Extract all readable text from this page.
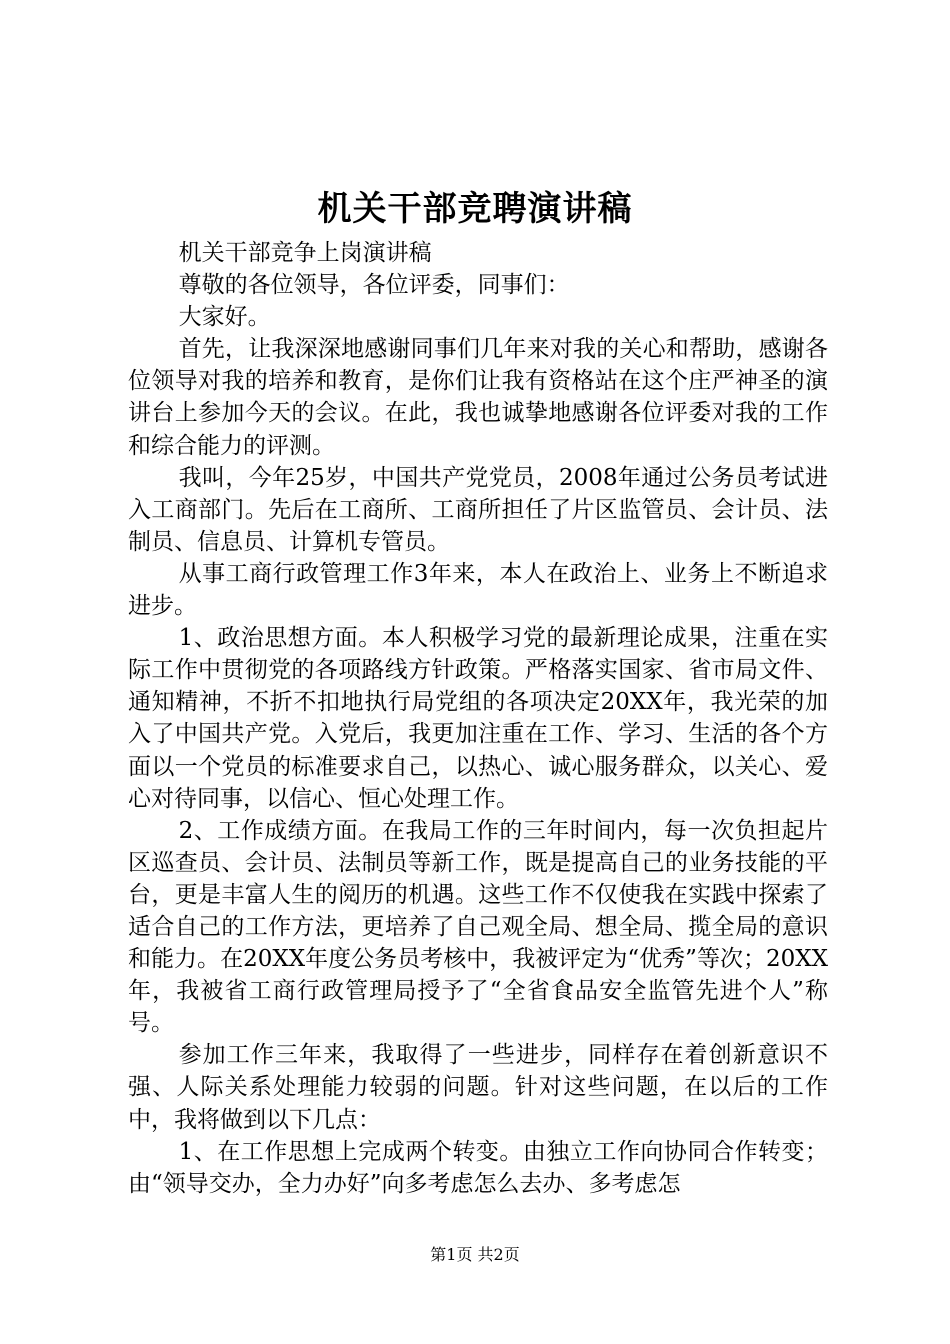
机关干部竞聘演讲稿

机关干部竞争上岗演讲稿

尊敬的各位领导，各位评委，同事们：

大家好。

首先，让我深深地感谢同事们几年来对我的关心和帮助，感谢各位领导对我的培养和教育，是你们让我有资格站在这个庄严神圣的演讲台上参加今天的会议。在此，我也诚挚地感谢各位评委对我的工作和综合能力的评测。

我叫，今年25岁，中国共产党党员，2008年通过公务员考试进入工商部门。先后在工商所、工商所担任了片区监管员、会计员、法制员、信息员、计算机专管员。

从事工商行政管理工作3年来，本人在政治上、业务上不断追求进步。

1、政治思想方面。本人积极学习党的最新理论成果，注重在实际工作中贯彻党的各项路线方针政策。严格落实国家、省市局文件、通知精神，不折不扣地执行局党组的各项决定20XX年，我光荣的加入了中国共产党。入党后，我更加注重在工作、学习、生活的各个方面以一个党员的标准要求自己，以热心、诚心服务群众，以关心、爱心对待同事，以信心、恒心处理工作。

2、工作成绩方面。在我局工作的三年时间内，每一次负担起片区巡查员、会计员、法制员等新工作，既是提高自己的业务技能的平台，更是丰富人生的阅历的机遇。这些工作不仅使我在实践中探索了适合自己的工作方法，更培养了自己观全局、想全局、揽全局的意识和能力。在20XX年度公务员考核中，我被评定为“优秀”等次；20XX年，我被省工商行政管理局授予了“全省食品安全监管先进个人”称号。

参加工作三年来，我取得了一些进步，同样存在着创新意识不强、人际关系处理能力较弱的问题。针对这些问题，在以后的工作中，我将做到以下几点：

1、在工作思想上完成两个转变。由独立工作向协同合作转变；由“领导交办，全力办好”向多考虑怎么去办、多考虑怎

第1页 共2页
